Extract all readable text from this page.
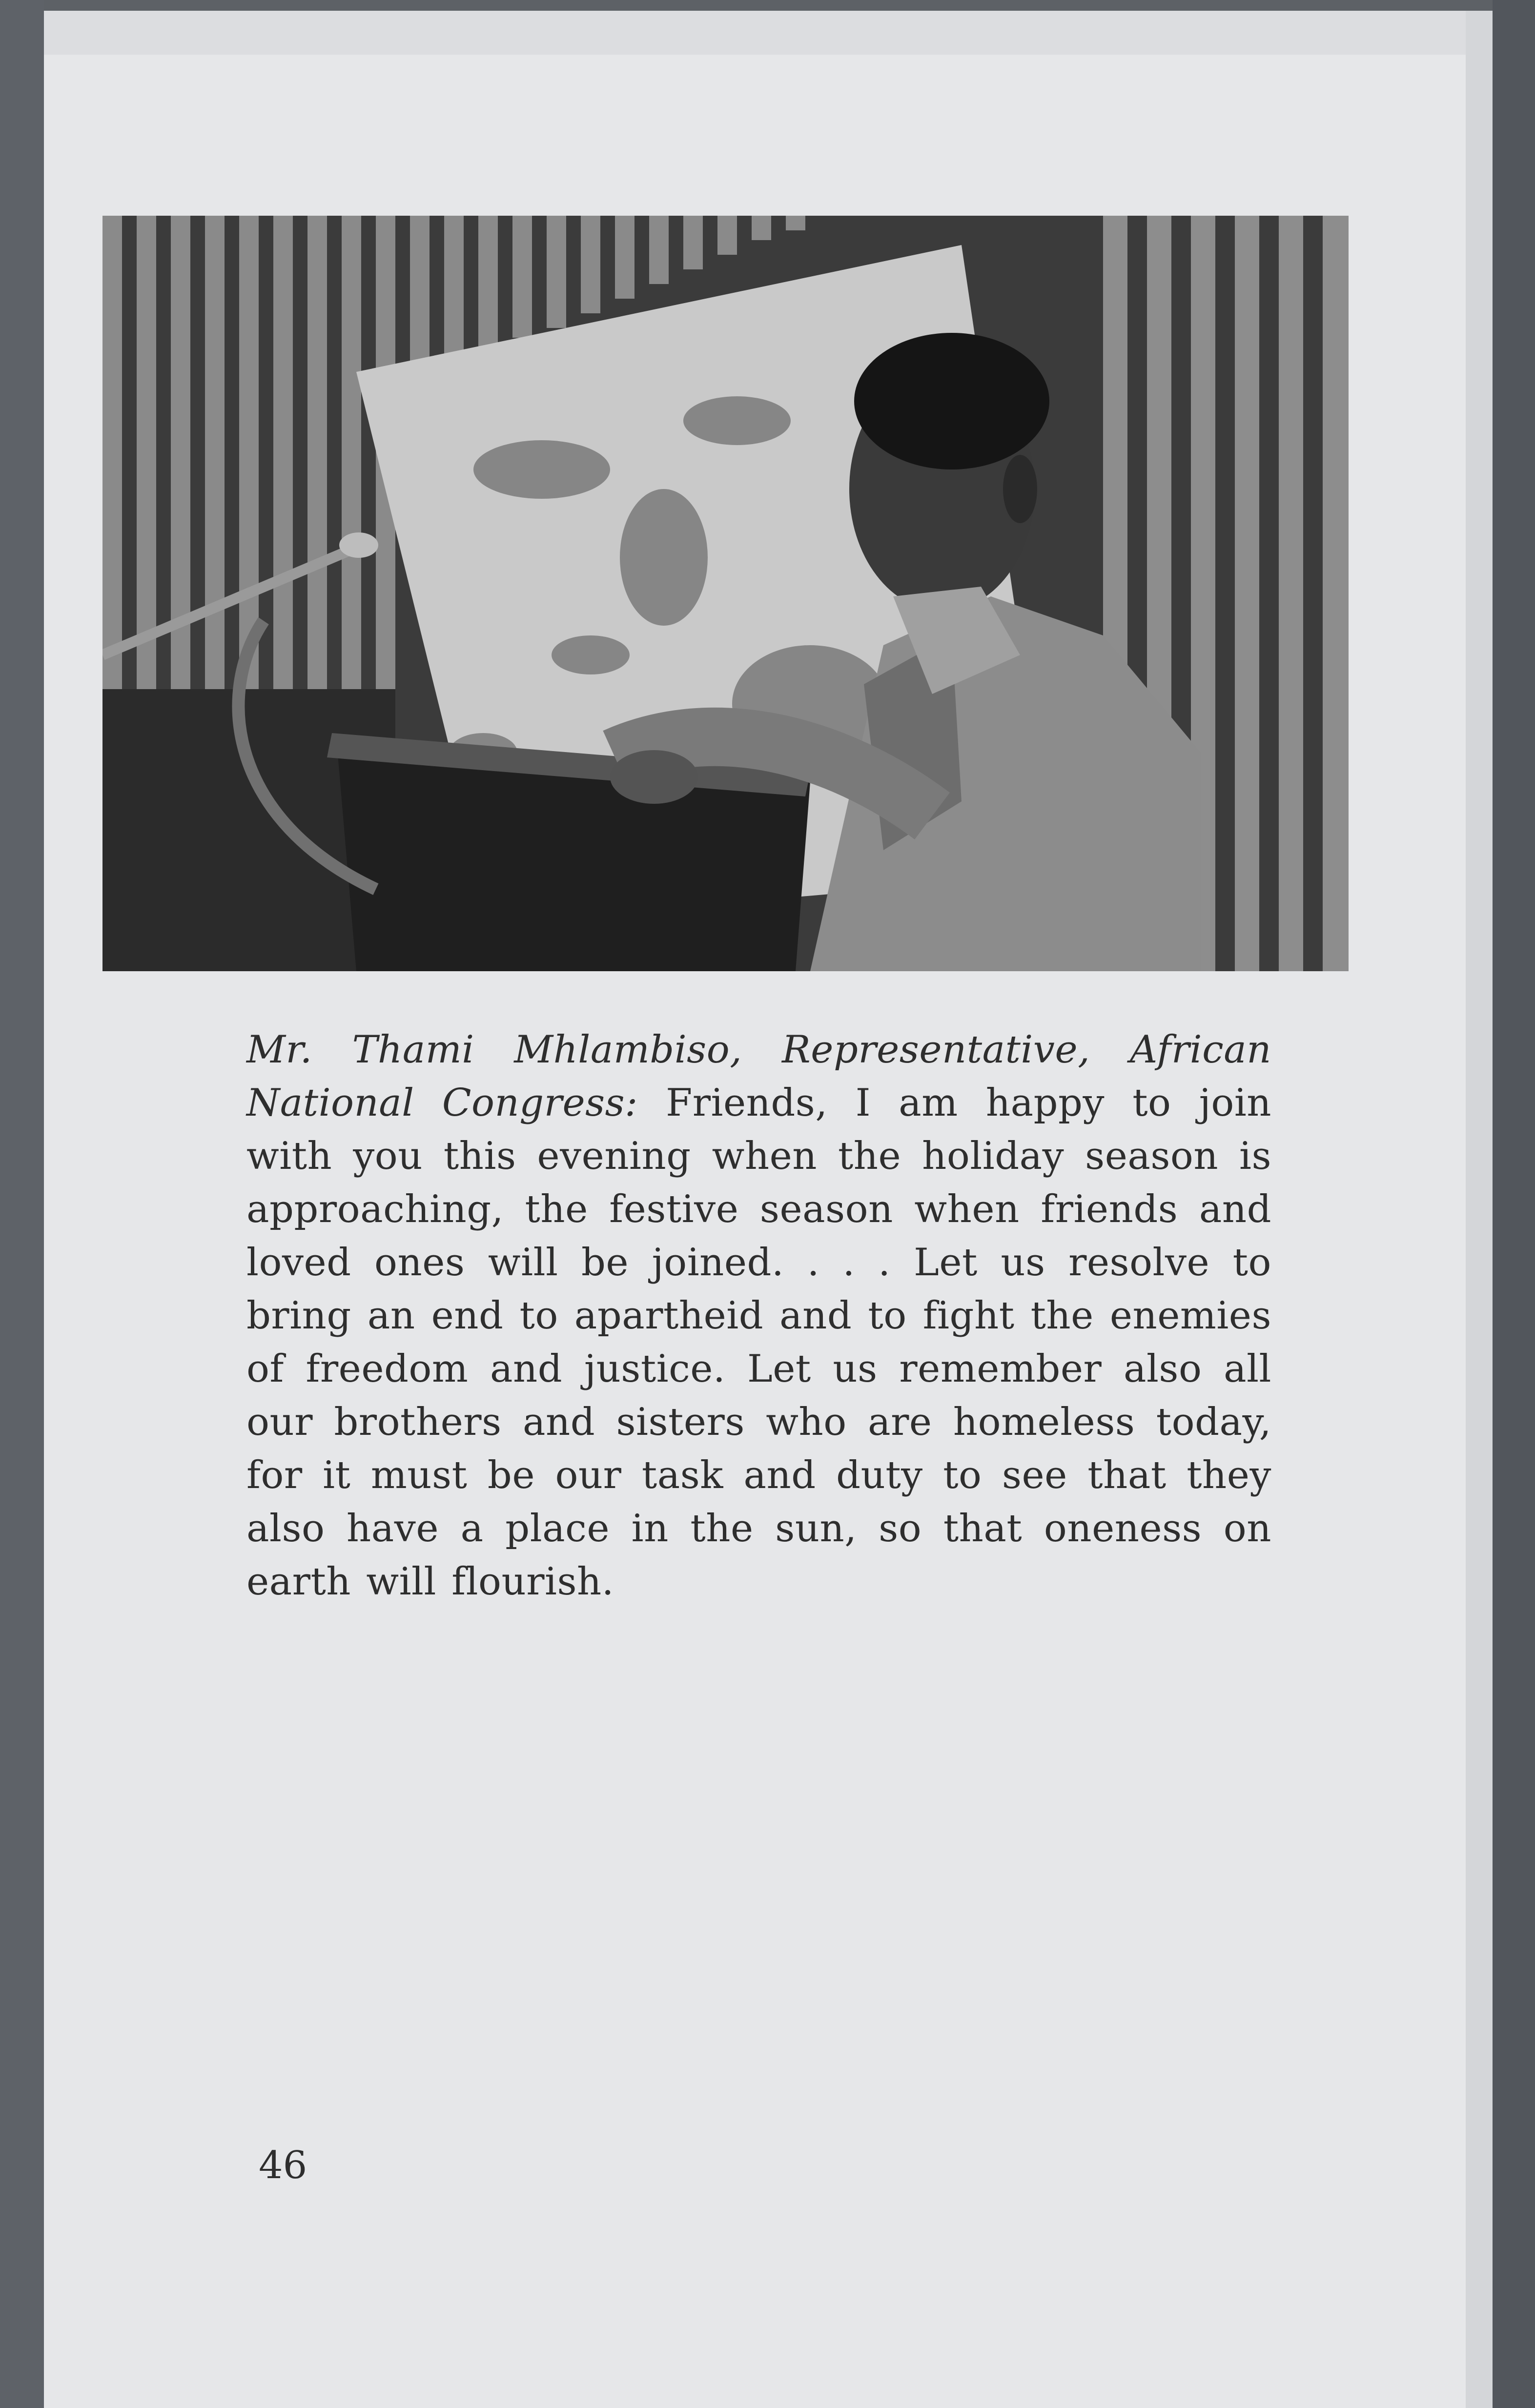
Mr. Thami Mhlambiso, Representative, African National Congress: Friends, I am happy to join with you this evening when the holiday season is approaching, the festive season when friends and loved ones will be joined. . . . Let us resolve to bring an end to apartheid and to fight the enemies of freedom and justice. Let us remember also all our brothers and sisters who are homeless today, for it must be our task and duty to see that they also have a place in the sun, so that oneness on earth will flourish.
46
